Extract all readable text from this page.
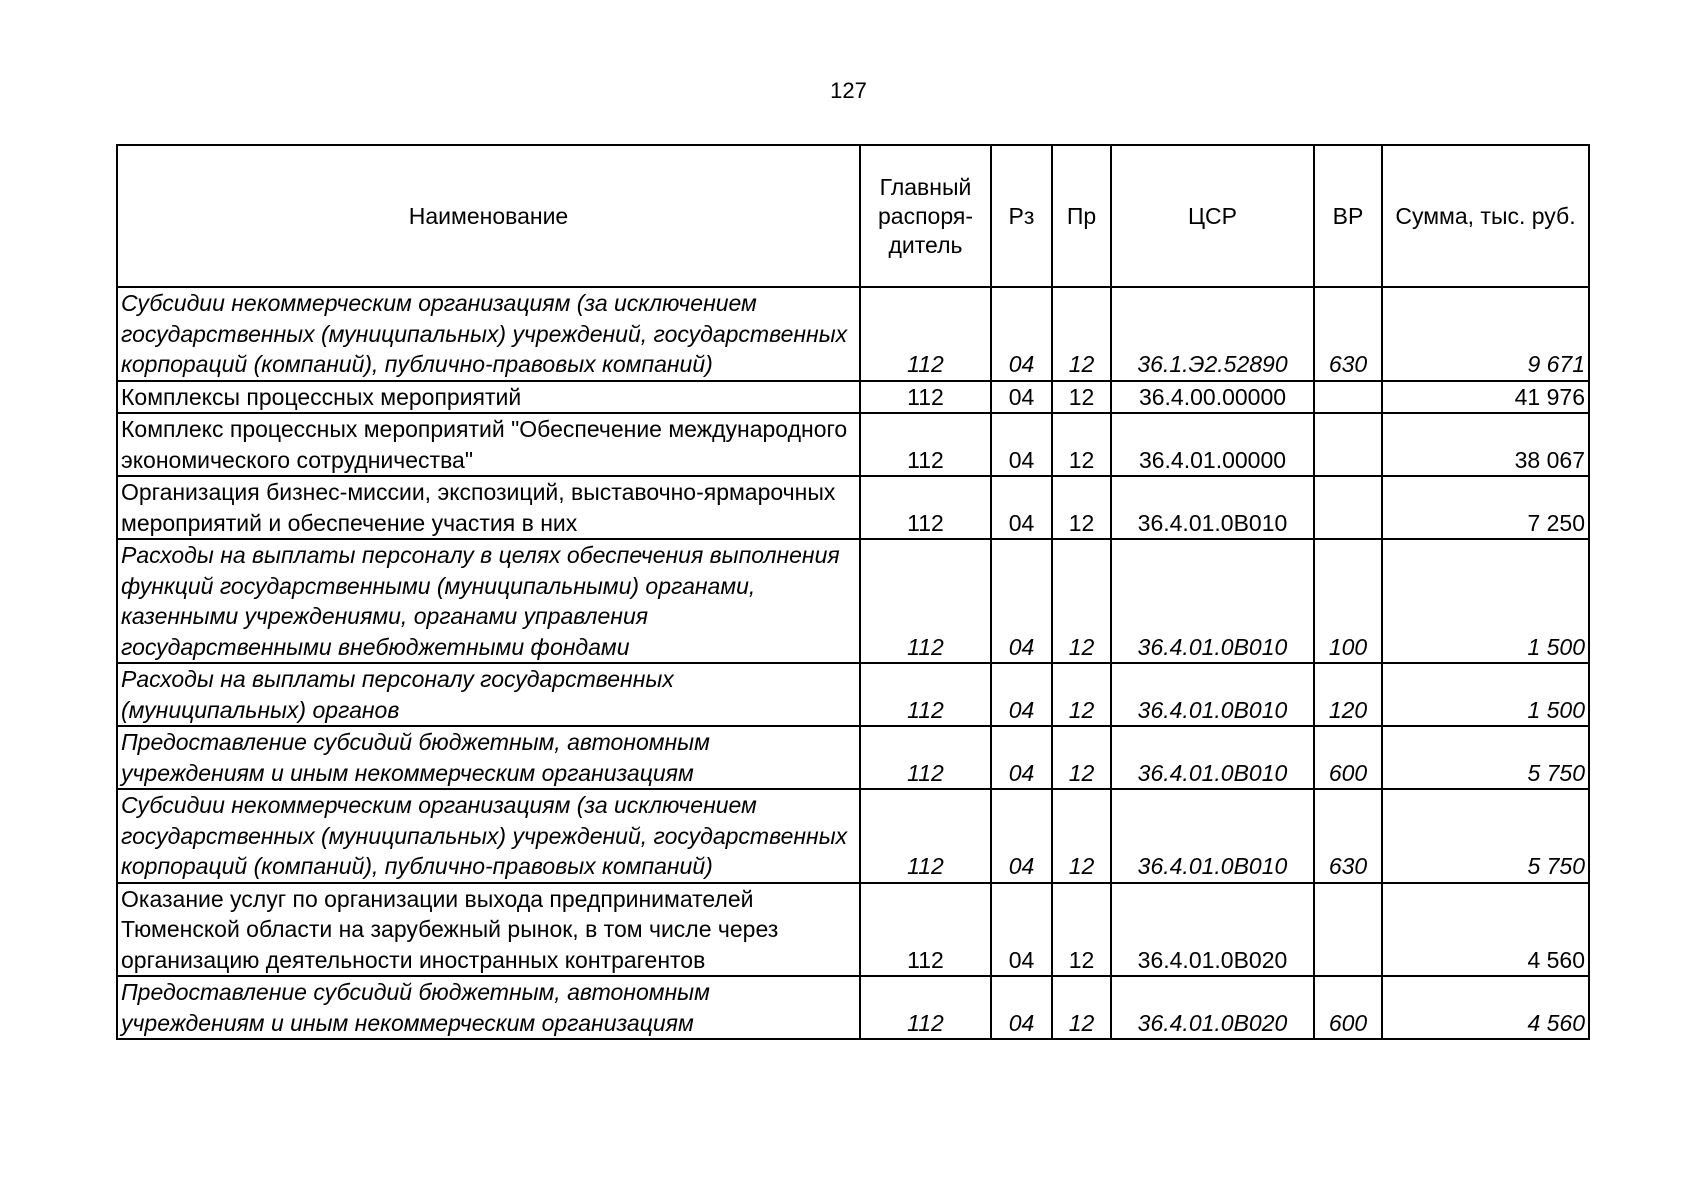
127
Наименование	Главный распоря-дитель	Рз	Пр	ЦСР	ВР	Сумма, тыс. руб.
Субсидии некоммерческим организациям (за исключением государственных (муниципальных) учреждений, государственных корпораций (компаний), публично-правовых компаний)	112	04	12	36.1.Э2.52890	630	9 671
Комплексы процессных мероприятий	112	04	12	36.4.00.00000		41 976
Комплекс процессных мероприятий "Обеспечение международного экономического сотрудничества"	112	04	12	36.4.01.00000		38 067
Организация бизнес-миссии, экспозиций, выставочно-ярмарочных мероприятий и обеспечение участия в них	112	04	12	36.4.01.0В010		7 250
Расходы на выплаты персоналу в целях обеспечения выполнения функций государственными (муниципальными) органами, казенными учреждениями, органами управления государственными внебюджетными фондами	112	04	12	36.4.01.0В010	100	1 500
Расходы на выплаты персоналу государственных (муниципальных) органов	112	04	12	36.4.01.0В010	120	1 500
Предоставление субсидий бюджетным, автономным учреждениям и иным некоммерческим организациям	112	04	12	36.4.01.0В010	600	5 750
Субсидии некоммерческим организациям (за исключением государственных (муниципальных) учреждений, государственных корпораций (компаний), публично-правовых компаний)	112	04	12	36.4.01.0В010	630	5 750
Оказание услуг по организации выхода предпринимателей Тюменской области на зарубежный рынок, в том числе через организацию деятельности иностранных контрагентов	112	04	12	36.4.01.0В020		4 560
Предоставление субсидий бюджетным, автономным учреждениям и иным некоммерческим организациям	112	04	12	36.4.01.0В020	600	4 560
